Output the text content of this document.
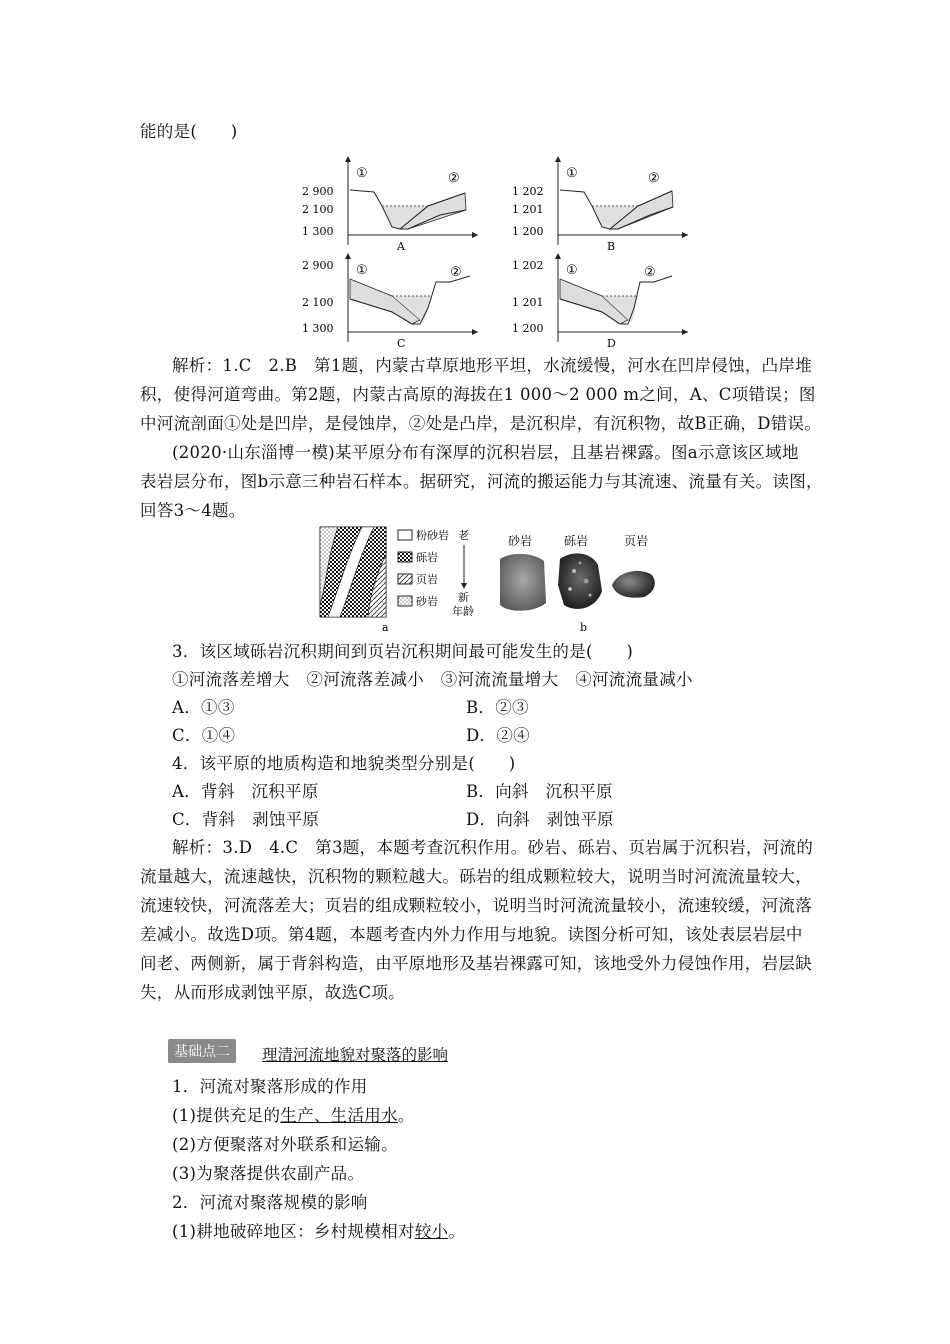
能的是(　　)
①	②
2 900
2 100
1 300
A
①	②
1 202
1 201
1 200
B
①	②
2 900
2 100
1 300
C
①	②
1 202
1 201
1 200
D
解析：1.C　2.B　第1题，内蒙古草原地形平坦，水流缓慢，河水在凹岸侵蚀，凸岸堆
积，使得河道弯曲。第2题，内蒙古高原的海拔在1 000～2 000 m之间，A、C项错误；图
中河流剖面①处是凹岸，是侵蚀岸，②处是凸岸，是沉积岸，有沉积物，故B正确，D错误。
(2020·山东淄博一模)某平原分布有深厚的沉积岩层，且基岩裸露。图a示意该区域地
表岩层分布，图b示意三种岩石样本。据研究，河流的搬运能力与其流速、流量有关。读图，
回答3～4题。
粉砂岩
砾岩
页岩
砂岩
老
新
年龄
a
砂岩	砾岩	页岩
b
3．该区域砾岩沉积期间到页岩沉积期间最可能发生的是(　　)
①河流落差增大　②河流落差减小　③河流流量增大　④河流流量减小
A．①③	B．②③
C．①④	D．②④
4．该平原的地质构造和地貌类型分别是(　　)
A．背斜　沉积平原	B．向斜　沉积平原
C．背斜　剥蚀平原	D．向斜　剥蚀平原
解析：3.D　4.C　第3题，本题考查沉积作用。砂岩、砾岩、页岩属于沉积岩，河流的
流量越大，流速越快，沉积物的颗粒越大。砾岩的组成颗粒较大，说明当时河流流量较大，
流速较快，河流落差大；页岩的组成颗粒较小，说明当时河流流量较小，流速较缓，河流落
差减小。故选D项。第4题，本题考查内外力作用与地貌。读图分析可知，该处表层岩层中
间老、两侧新，属于背斜构造，由平原地形及基岩裸露可知，该地受外力侵蚀作用，岩层缺
失，从而形成剥蚀平原，故选C项。
基础点二	理清河流地貌对聚落的影响
1．河流对聚落形成的作用
(1)提供充足的生产、生活用水。
(2)方便聚落对外联系和运输。
(3)为聚落提供农副产品。
2．河流对聚落规模的影响
(1)耕地破碎地区：乡村规模相对较小。
